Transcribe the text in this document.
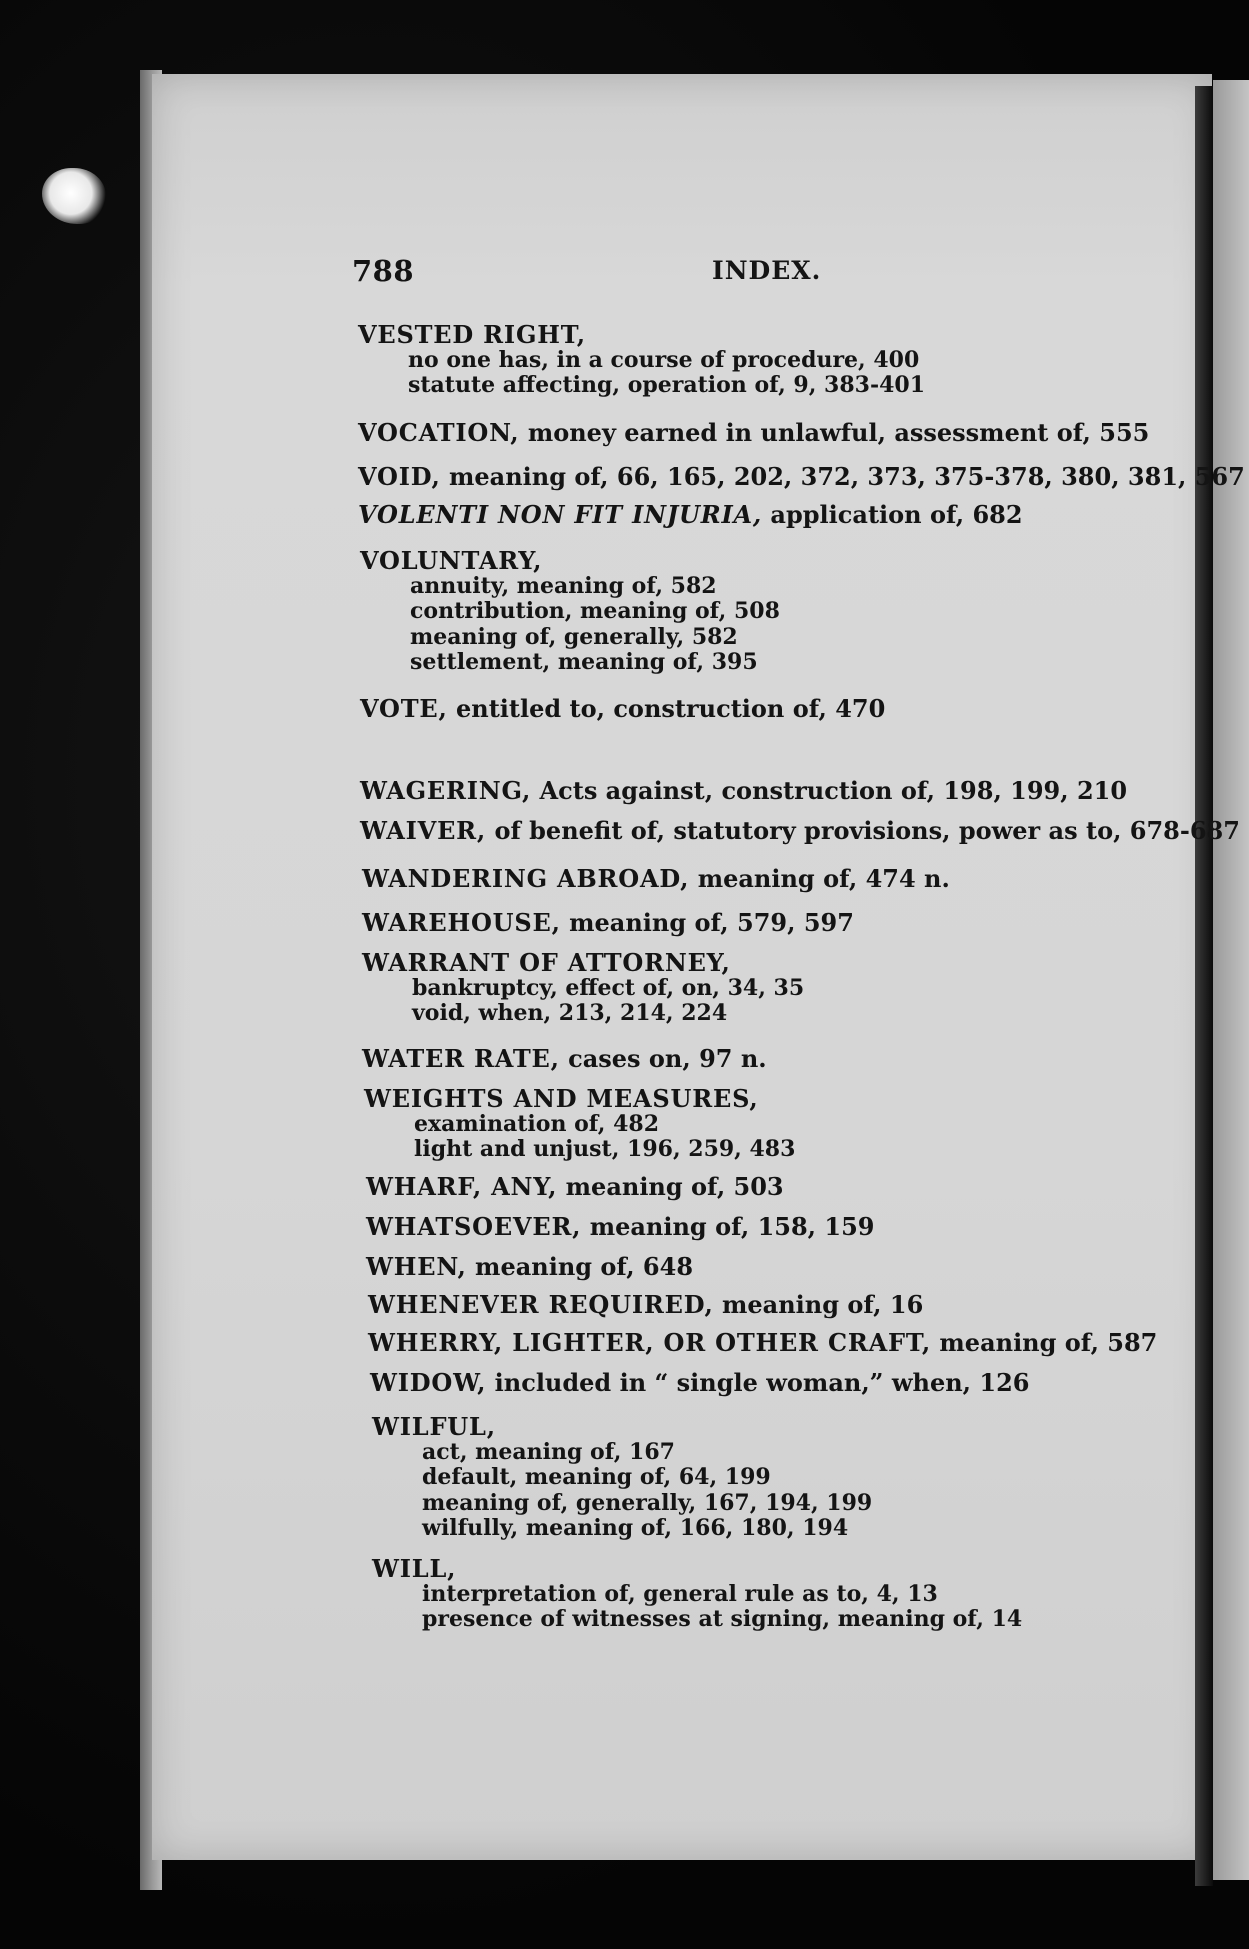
788	INDEX.
VESTED RIGHT,
no one has, in a course of procedure, 400
statute affecting, operation of, 9, 383-401
VOCATION, money earned in unlawful, assessment of, 555
VOID, meaning of, 66, 165, 202, 372, 373, 375-378, 380, 381, 567
VOLENTI NON FIT INJURIA, application of, 682
VOLUNTARY,
annuity, meaning of, 582
contribution, meaning of, 508
meaning of, generally, 582
settlement, meaning of, 395
VOTE, entitled to, construction of, 470
WAGERING, Acts against, construction of, 198, 199, 210
WAIVER, of benefit of, statutory provisions, power as to, 678-687
WANDERING ABROAD, meaning of, 474 n.
WAREHOUSE, meaning of, 579, 597
WARRANT OF ATTORNEY,
bankruptcy, effect of, on, 34, 35
void, when, 213, 214, 224
WATER RATE, cases on, 97 n.
WEIGHTS AND MEASURES,
examination of, 482
light and unjust, 196, 259, 483
WHARF, ANY, meaning of, 503
WHATSOEVER, meaning of, 158, 159
WHEN, meaning of, 648
WHENEVER REQUIRED, meaning of, 16
WHERRY, LIGHTER, OR OTHER CRAFT, meaning of, 587
WIDOW, included in “ single woman,” when, 126
WILFUL,
act, meaning of, 167
default, meaning of, 64, 199
meaning of, generally, 167, 194, 199
wilfully, meaning of, 166, 180, 194
WILL,
interpretation of, general rule as to, 4, 13
presence of witnesses at signing, meaning of, 14
